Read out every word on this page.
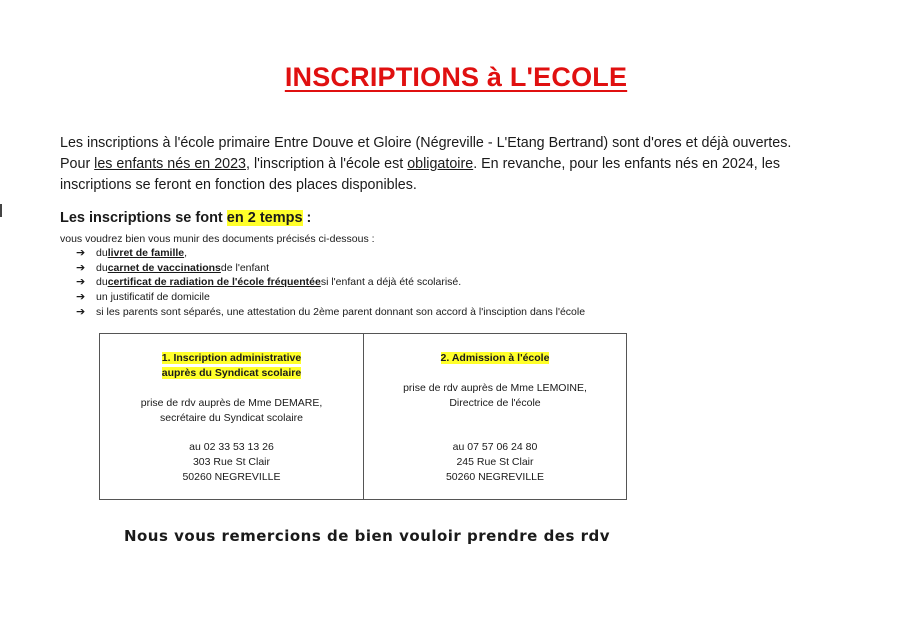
INSCRIPTIONS à L'ECOLE

Les inscriptions à l'école primaire Entre Douve et Gloire (Négreville - L'Etang Bertrand) sont d'ores et déjà ouvertes.

Pour les enfants nés en 2023, l'inscription à l'école est obligatoire. En revanche, pour les enfants nés en 2024, les

inscriptions se feront en fonction des places disponibles.

Les inscriptions se font en 2 temps :
vous voudrez bien vous munir des documents précisés ci-dessous :
➔	du livret de famille ,
➔	du carnet de vaccinations de l'enfant
➔	du certificat de radiation de l'école fréquentée si l'enfant a déjà été scolarisé.
➔	un justificatif de domicile
➔	si les parents sont séparés, une attestation du 2ème parent donnant son accord à l'insciption dans l'école
1. Inscription administrative
auprès du Syndicat scolaire
prise de rdv auprès de Mme DEMARE,
secrétaire du Syndicat scolaire
au 02 33 53 13 26
303 Rue St Clair
50260 NEGREVILLE
2. Admission à l'école
prise de rdv auprès de Mme LEMOINE,
Directrice de l'école
au 07 57 06 24 80
245 Rue St Clair
50260 NEGREVILLE
Nous vous remercions de bien vouloir prendre des rdv
